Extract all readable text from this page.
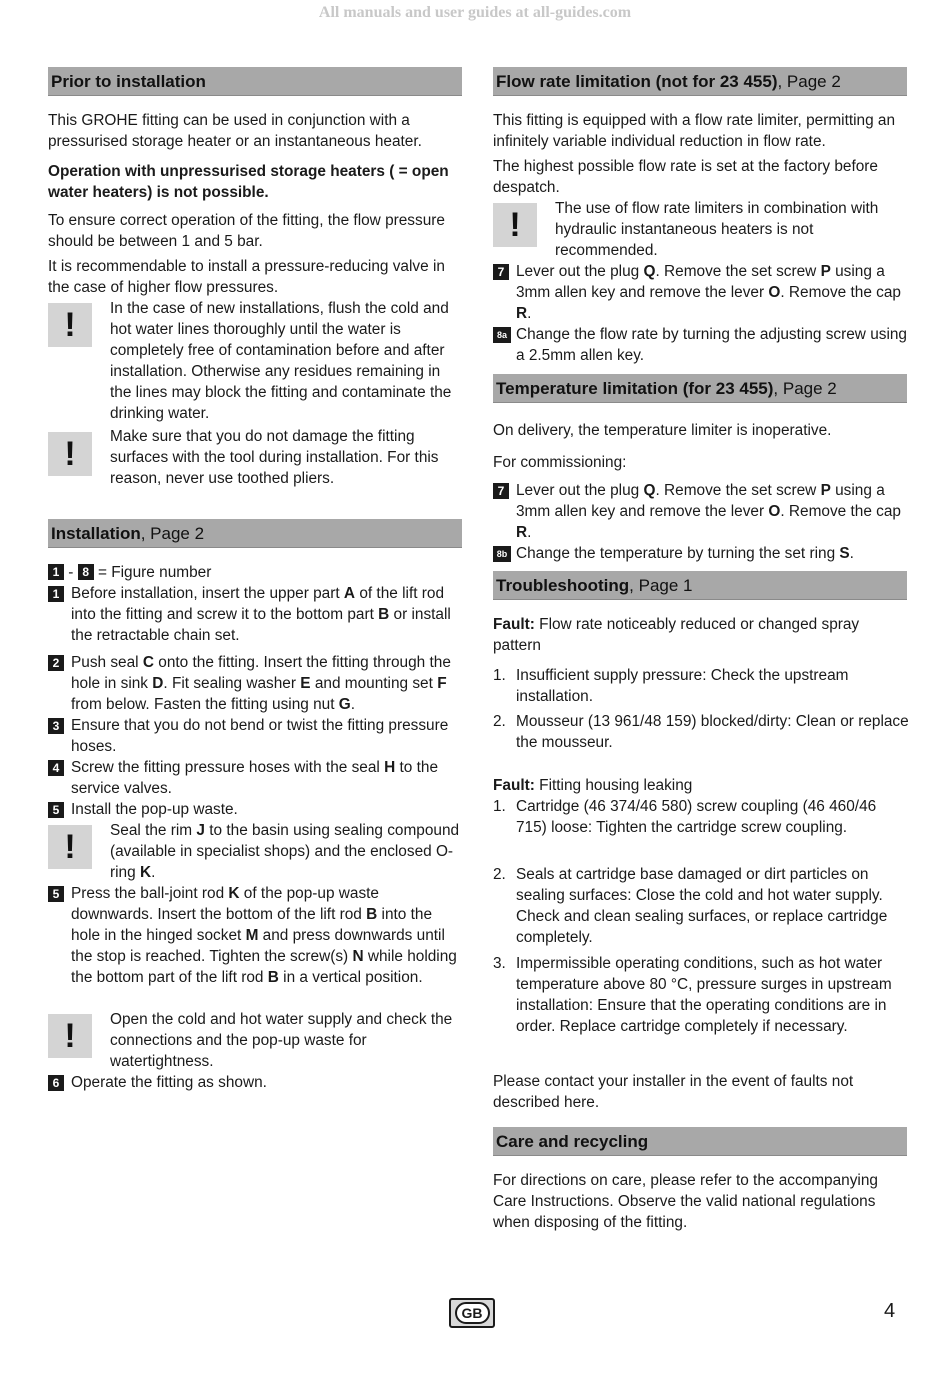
All manuals and user guides at all-guides.com
Prior to installation
This GROHE fitting can be used in conjunction with a pressurised storage heater or an instantaneous heater.
Operation with unpressurised storage heaters ( = open water heaters) is not possible.
To ensure correct operation of the fitting, the flow pressure should be between 1 and 5 bar.
It is recommendable to install a pressure-reducing valve in the case of higher flow pressures.
!	In the case of new installations, flush the cold and hot water lines thoroughly until the water is completely free of contamination before and after installation. Otherwise any residues remaining in the lines may block the fitting and contaminate the drinking water.
!	Make sure that you do not damage the fitting surfaces with the tool during installation. For this reason, never use toothed pliers.
Installation, Page 2
1 - 8 = Figure number
1 Before installation, insert the upper part A of the lift rod into the fitting and screw it to the bottom part B or install the retractable chain set.
2 Push seal C onto the fitting. Insert the fitting through the hole in sink D. Fit sealing washer E and mounting set F from below. Fasten the fitting using nut G.
3 Ensure that you do not bend or twist the fitting pressure hoses.
4 Screw the fitting pressure hoses with the seal H to the service valves.
5 Install the pop-up waste.
!	Seal the rim J to the basin using sealing compound (available in specialist shops) and the enclosed O-ring K.
5 Press the ball-joint rod K of the pop-up waste downwards. Insert the bottom of the lift rod B into the hole in the hinged socket M and press downwards until the stop is reached. Tighten the screw(s) N while holding the bottom part of the lift rod B in a vertical position.
!	Open the cold and hot water supply and check the connections and the pop-up waste for watertightness.
6 Operate the fitting as shown.
Flow rate limitation (not for 23 455), Page 2
This fitting is equipped with a flow rate limiter, permitting an infinitely variable individual reduction in flow rate.
The highest possible flow rate is set at the factory before despatch.
!	The use of flow rate limiters in combination with hydraulic instantaneous heaters is not recommended.
7 Lever out the plug Q. Remove the set screw P using a 3mm allen key and remove the lever O. Remove the cap R.
8a Change the flow rate by turning the adjusting screw using a 2.5mm allen key.
Temperature limitation (for 23 455), Page 2
On delivery, the temperature limiter is inoperative.
For commissioning:
7 Lever out the plug Q. Remove the set screw P using a 3mm allen key and remove the lever O. Remove the cap R.
8b Change the temperature by turning the set ring S.
Troubleshooting, Page 1
Fault: Flow rate noticeably reduced or changed spray pattern
1. Insufficient supply pressure: Check the upstream installation.
2. Mousseur (13 961/48 159) blocked/dirty: Clean or replace the mousseur.
Fault: Fitting housing leaking
1. Cartridge (46 374/46 580) screw coupling (46 460/46 715) loose: Tighten the cartridge screw coupling.
2. Seals at cartridge base damaged or dirt particles on sealing surfaces: Close the cold and hot water supply. Check and clean sealing surfaces, or replace cartridge completely.
3. Impermissible operating conditions, such as hot water temperature above 80 °C, pressure surges in upstream installation: Ensure that the operating conditions are in order. Replace cartridge completely if necessary.
Please contact your installer in the event of faults not described here.
Care and recycling
For directions on care, please refer to the accompanying Care Instructions. Observe the valid national regulations when disposing of the fitting.
GB	4
